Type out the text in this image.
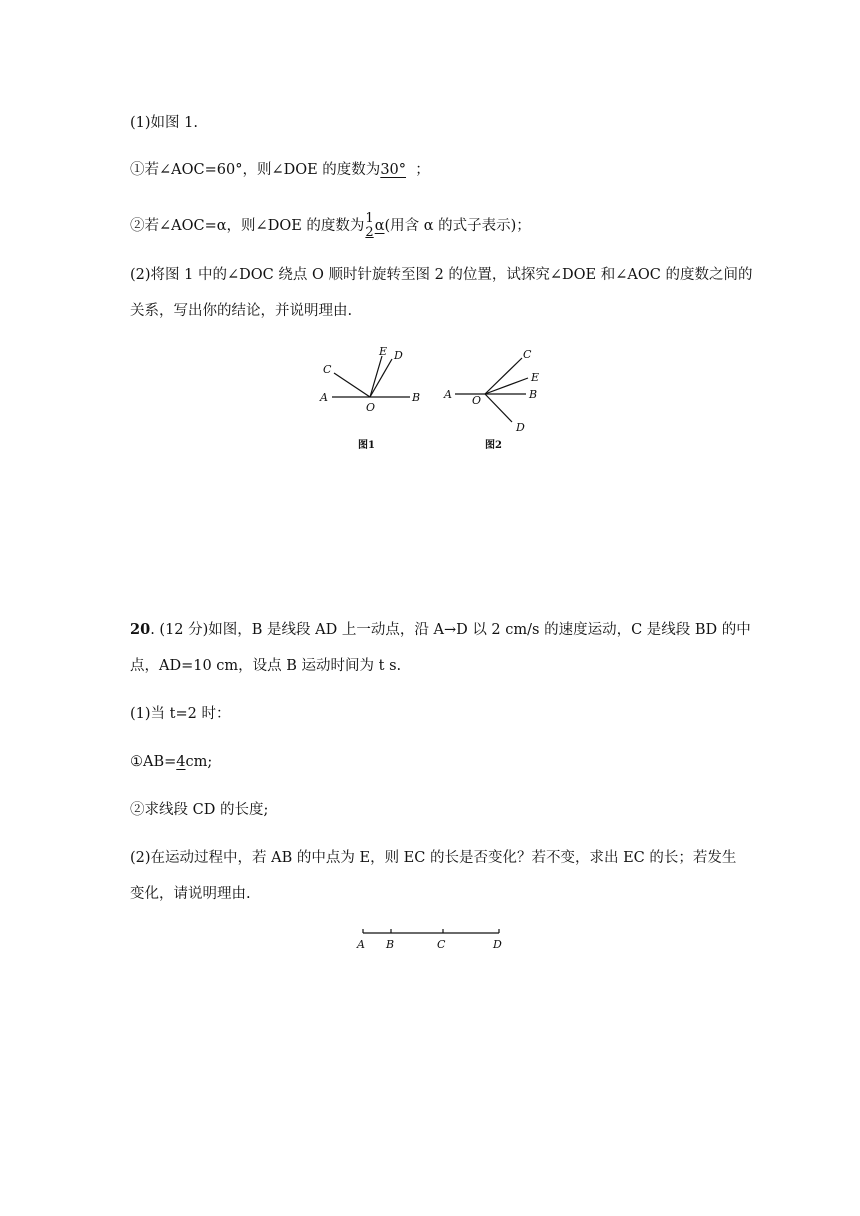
(1)如图 1.
①若∠AOC=60°，则∠DOE 的度数为30° ；
②若∠AOC=α，则∠DOE 的度数为 1
2 α(用含 α 的式子表示)；
(2)将图 1 中的∠DOC 绕点 O 顺时针旋转至图 2 的位置，试探究∠DOE 和∠AOC 的度数之间的
关系，写出你的结论，并说明理由.
A	B
C
E D
O
图1
A	B
C
E
D
O
图2
20. (12 分)如图，B 是线段 AD 上一动点，沿 A→D 以 2 cm/s 的速度运动，C 是线段 BD 的中
点，AD=10 cm，设点 B 运动时间为 t s.
(1)当 t=2 时：
①AB=4cm;
②求线段 CD 的长度;
(2)在运动过程中，若 AB 的中点为 E，则 EC 的长是否变化？若不变，求出 EC 的长；若发生
变化，请说明理由.
A B	C	D
